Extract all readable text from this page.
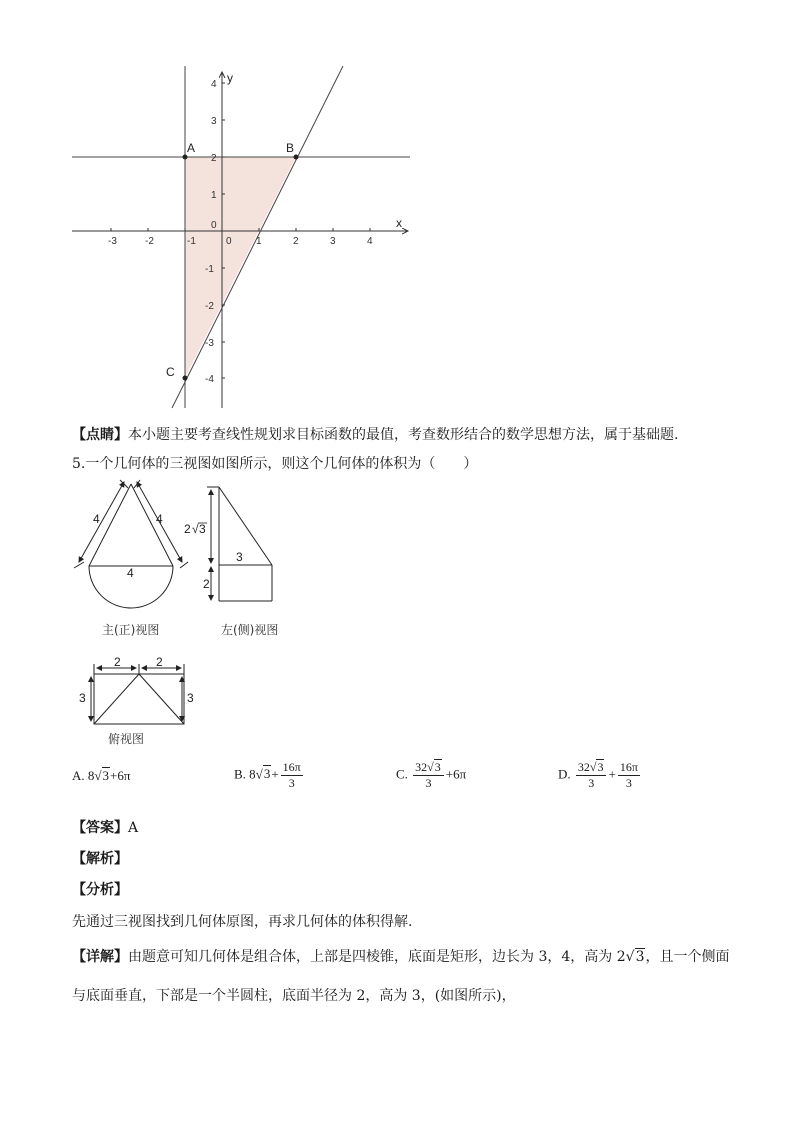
-3	-2	-1	0 1	2	3	4
4
3
2
1
0
-1
-2
-3
-4
x
y
A	B
C
【点睛】本小题主要考查线性规划求目标函数的最值，考查数形结合的数学思想方法，属于基础题.
5.一个几何体的三视图如图所示，则这个几何体的体积为（　　）
4	4
4
2 √ 3
3
2
2	2
3	3
主(正)视图	左(侧)视图
俯视图
A. 8√3+6π	B. $8√3+ \frac{16\pi}{3}$	C. $\frac{32√3}{3} +6\pi$	D. $\frac{32√3}{3} + \frac{16\pi}{3}$
【答案】A
【解析】
【分析】
先通过三视图找到几何体原图，再求几何体的体积得解.
【详解】由题意可知几何体是组合体，上部是四棱锥，底面是矩形，边长为 3，4，高为 2√3，且一个侧面
与底面垂直，下部是一个半圆柱，底面半径为 2，高为 3，(如图所示)，
